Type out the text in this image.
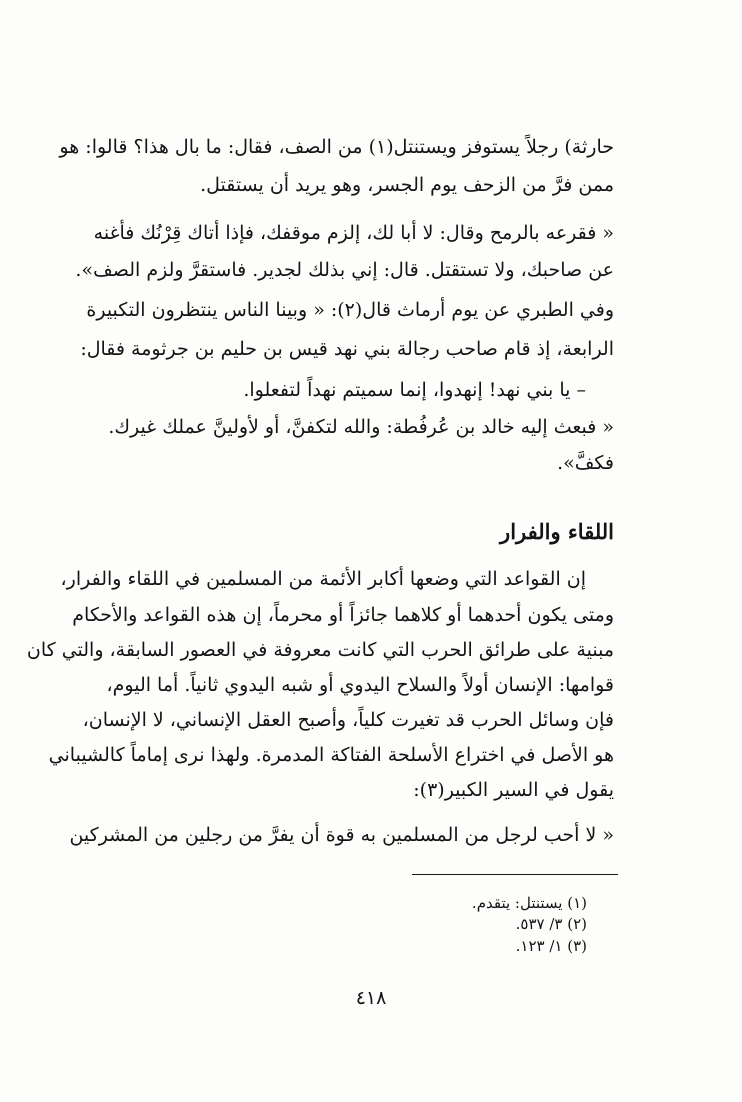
حارثة) رجلاً يستوفز ويستنتل(١) من الصف، فقال: ما بال هذا؟ قالوا: هو
ممن فرَّ من الزحف يوم الجسر، وهو يريد أن يستقتل.
« فقرعه بالرمح وقال: لا أبا لك، إلزم موقفك، فإذا أتاك قِرْنُك فأغنه
عن صاحبك، ولا تستقتل. قال: إني بذلك لجدير. فاستقرَّ ولزم الصف».
وفي الطبري عن يوم أرماث قال(٢): « وبينا الناس ينتظرون التكبيرة
الرابعة، إذ قام صاحب رجالة بني نهد قيس بن حليم بن جرثومة فقال:
– يا بني نهد! إنهدوا، إنما سميتم نهداً لتفعلوا.
« فبعث إليه خالد بن عُرفُطة: والله لتكفنَّ، أو لأولينَّ عملك غيرك.
فكفَّ».
اللقاء والفرار
إن القواعد التي وضعها أكابر الأئمة من المسلمين في اللقاء والفرار،
ومتى يكون أحدهما أو كلاهما جائزاً أو محرماً، إن هذه القواعد والأحكام
مبنية على طرائق الحرب التي كانت معروفة في العصور السابقة، والتي كان
قوامها: الإنسان أولاً والسلاح اليدوي أو شبه اليدوي ثانياً. أما اليوم،
فإن وسائل الحرب قد تغيرت كلياً، وأصبح العقل الإنساني، لا الإنسان،
هو الأصل في اختراع الأسلحة الفتاكة المدمرة. ولهذا نرى إماماً كالشيباني
يقول في السير الكبير(٣):
« لا أحب لرجل من المسلمين به قوة أن يفرَّ من رجلين من المشركين
(١) يستنتل: يتقدم.
(٢) ٣/ ٥٣٧.
(٣) ١/ ١٢٣.
٤١٨
